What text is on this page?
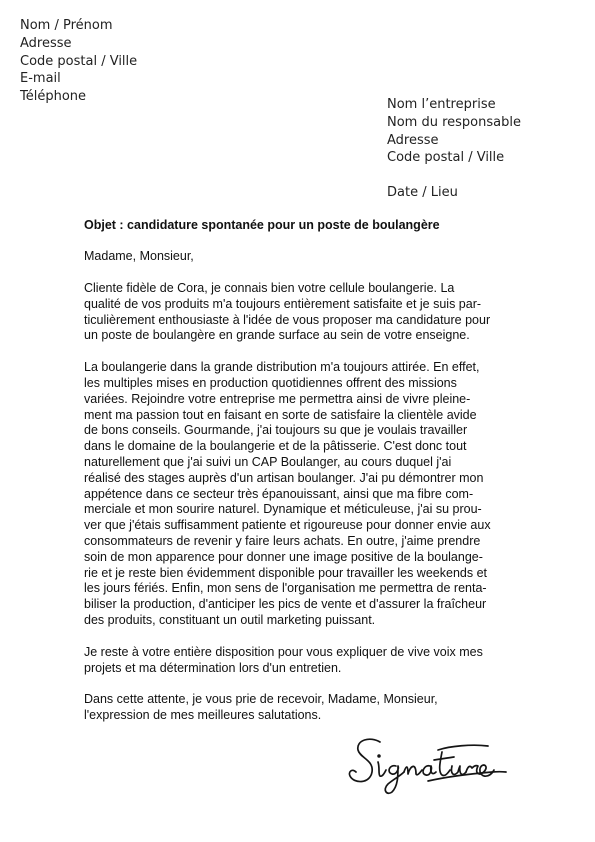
Nom / Prénom
Adresse
Code postal / Ville
E-mail
Téléphone
Nom l’entreprise
Nom du responsable
Adresse
Code postal / Ville
Date / Lieu
Objet : candidature spontanée pour un poste de boulangère
Madame, Monsieur,

Cliente fidèle de Cora, je connais bien votre cellule boulangerie. La
qualité de vos produits m'a toujours entièrement satisfaite et je suis par-
ticulièrement enthousiaste à l'idée de vous proposer ma candidature pour
un poste de boulangère en grande surface au sein de votre enseigne.

La boulangerie dans la grande distribution m'a toujours attirée. En effet,
les multiples mises en production quotidiennes offrent des missions
variées. Rejoindre votre entreprise me permettra ainsi de vivre pleine-
ment ma passion tout en faisant en sorte de satisfaire la clientèle avide
de bons conseils. Gourmande, j'ai toujours su que je voulais travailler
dans le domaine de la boulangerie et de la pâtisserie. C'est donc tout
naturellement que j'ai suivi un CAP Boulanger, au cours duquel j'ai
réalisé des stages auprès d'un artisan boulanger. J'ai pu démontrer mon
appétence dans ce secteur très épanouissant, ainsi que ma fibre com-
merciale et mon sourire naturel. Dynamique et méticuleuse, j'ai su prou-
ver que j'étais suffisamment patiente et rigoureuse pour donner envie aux
consommateurs de revenir y faire leurs achats. En outre, j'aime prendre
soin de mon apparence pour donner une image positive de la boulange-
rie et je reste bien évidemment disponible pour travailler les weekends et
les jours fériés. Enfin, mon sens de l'organisation me permettra de renta-
biliser la production, d'anticiper les pics de vente et d'assurer la fraîcheur
des produits, constituant un outil marketing puissant.

Je reste à votre entière disposition pour vous expliquer de vive voix mes
projets et ma détermination lors d'un entretien.

Dans cette attente, je vous prie de recevoir, Madame, Monsieur,
l'expression de mes meilleures salutations.
